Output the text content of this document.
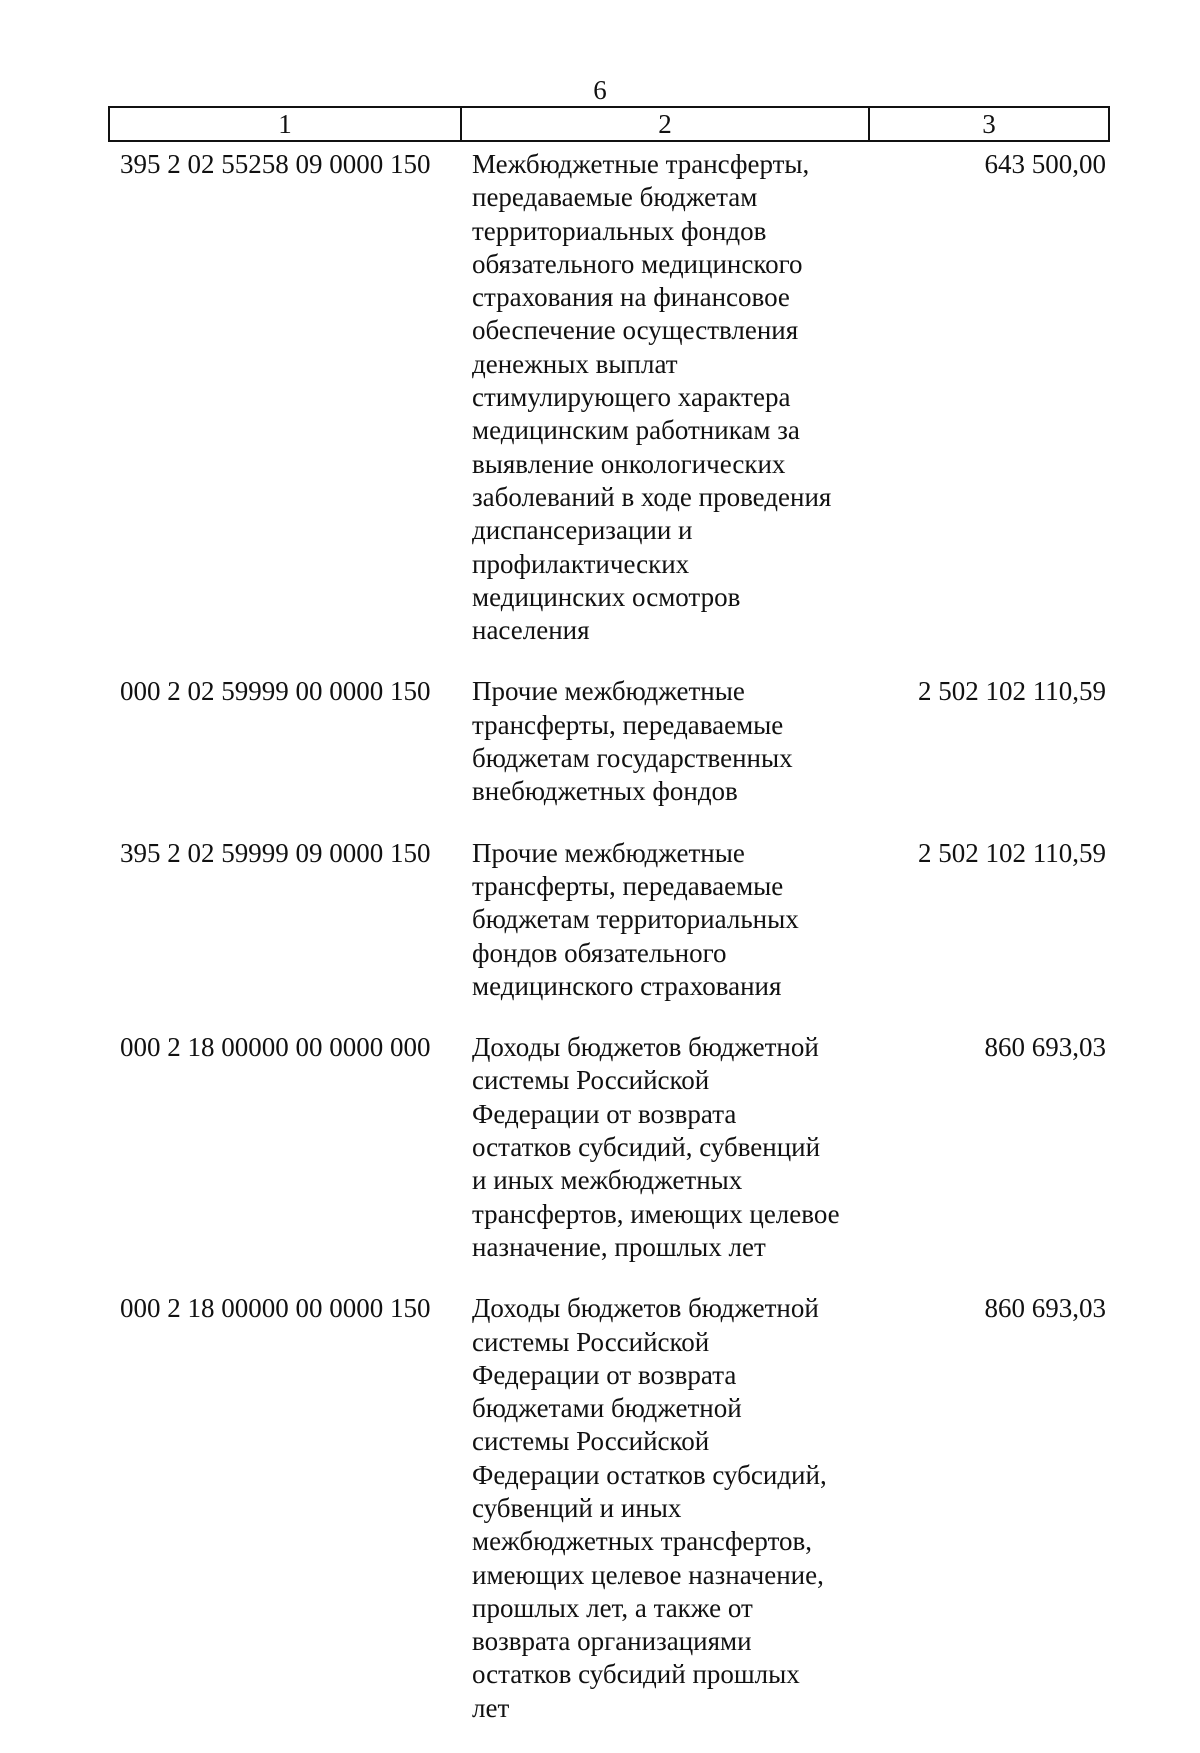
6
1	2	3
395 2 02 55258 09 0000 150	Межбюджетные трансферты,
передаваемые бюджетам
территориальных фондов
обязательного медицинского
страхования на финансовое
обеспечение осуществления
денежных выплат
стимулирующего характера
медицинским работникам за
выявление онкологических
заболеваний в ходе проведения
диспансеризации и
профилактических
медицинских осмотров
населения
643 500,00
000 2 02 59999 00 0000 150	Прочие межбюджетные
трансферты, передаваемые
бюджетам государственных
внебюджетных фондов
2 502 102 110,59
395 2 02 59999 09 0000 150	Прочие межбюджетные
трансферты, передаваемые
бюджетам территориальных
фондов обязательного
медицинского страхования
2 502 102 110,59
000 2 18 00000 00 0000 000	Доходы бюджетов бюджетной
системы Российской
Федерации от возврата
остатков субсидий, субвенций
и иных межбюджетных
трансфертов, имеющих целевое
назначение, прошлых лет
860 693,03
000 2 18 00000 00 0000 150	Доходы бюджетов бюджетной
системы Российской
Федерации от возврата
бюджетами бюджетной
системы Российской
Федерации остатков субсидий,
субвенций и иных
межбюджетных трансфертов,
имеющих целевое назначение,
прошлых лет, а также от
возврата организациями
остатков субсидий прошлых
лет
860 693,03
